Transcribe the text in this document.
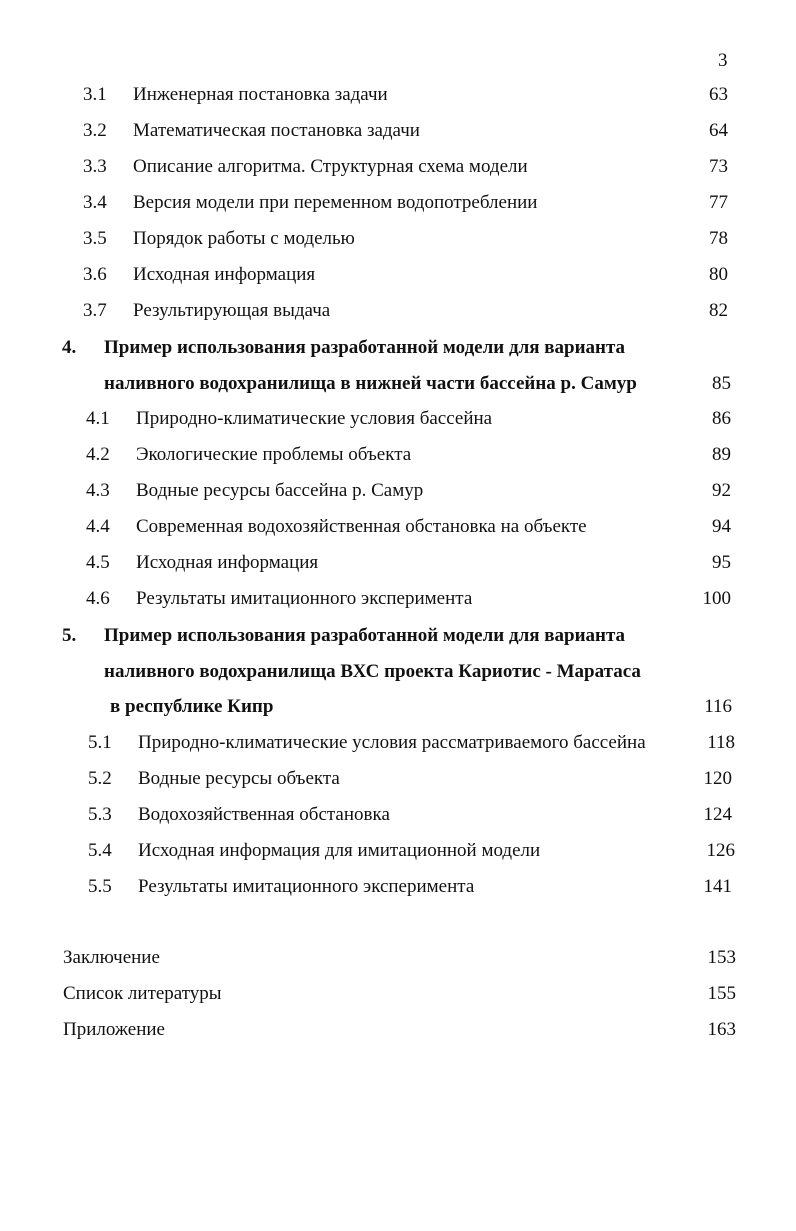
3
3.1 Инженерная постановка задачи	63
3.2 Математическая постановка задачи	64
3.3 Описание алгоритма. Структурная схема модели	73
3.4 Версия модели при переменном водопотреблении	77
3.5 Порядок работы с моделью	78
3.6 Исходная информация	80
3.7 Результирующая выдача	82
4. Пример использования разработанной модели для варианта
наливного водохранилища в нижней части бассейна р. Самур	85
4.1 Природно-климатические условия бассейна	86
4.2 Экологические проблемы объекта	89
4.3 Водные ресурсы бассейна р. Самур	92
4.4 Современная водохозяйственная обстановка на объекте	94
4.5 Исходная информация	95
4.6 Результаты имитационного эксперимента	100
5. Пример использования разработанной модели для варианта
наливного водохранилища ВХС проекта Кариотис - Маратаса
в республике Кипр	116
5.1 Природно-климатические условия рассматриваемого бассейна	118
5.2 Водные ресурсы объекта	120
5.3 Водохозяйственная обстановка	124
5.4 Исходная информация для имитационной модели	126
5.5 Результаты имитационного эксперимента	141
Заключение	153
Список литературы	155
Приложение	163
